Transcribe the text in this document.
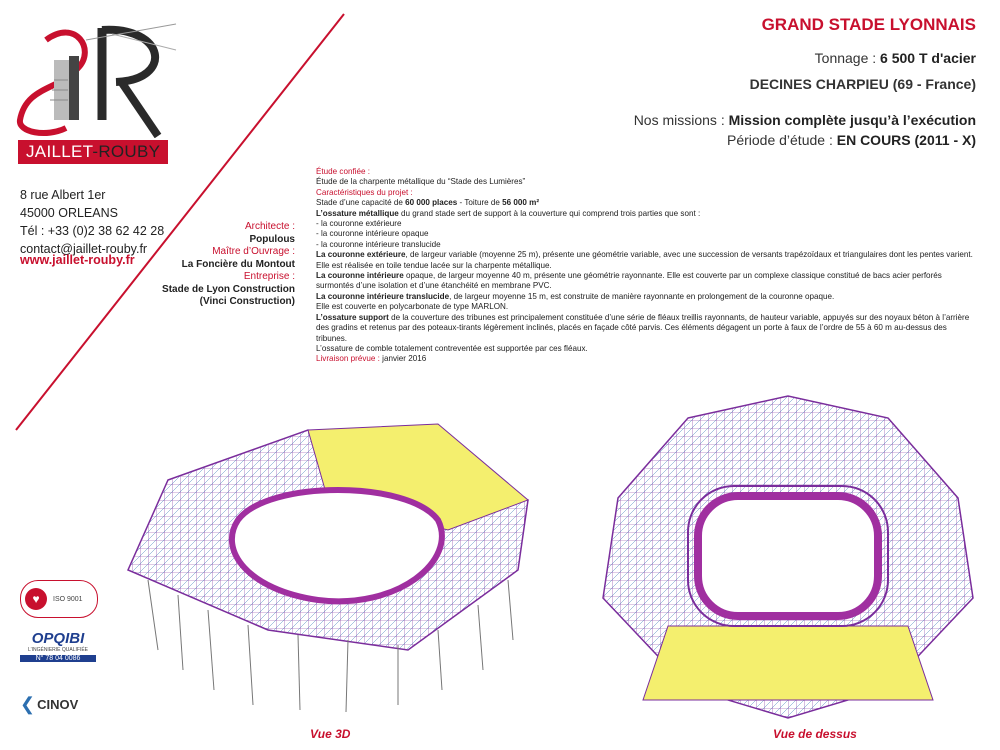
JAILLET-ROUBY
8 rue Albert 1er
45000 ORLEANS
Tél : +33 (0)2 38 62 42 28
contact@jaillet-rouby.fr
www.jaillet-rouby.fr
Architecte :
Populous
Maître d’Ouvrage :
La Foncière du Montout
Entreprise :
Stade de Lyon Construction
(Vinci Construction)
GRAND STADE LYONNAIS
Tonnage : 6 500 T d'acier
DECINES CHARPIEU (69 - France)
Nos missions : Mission complète jusqu’à l’exécution
Période d’étude : EN COURS (2011 - X)

Étude confiée :

Étude de la charpente métallique du “Stade des Lumières”

Caractéristiques du projet :

Stade d’une capacité de 60 000 places - Toiture de 56 000 m²

L’ossature métallique du grand stade sert de support à la couverture qui comprend trois parties que sont :

- la couronne extérieure

- la couronne intérieure opaque

- la couronne intérieure translucide

La couronne extérieure, de largeur variable (moyenne 25 m), présente une géométrie variable, avec une succession de versants trapézoïdaux et triangulaires dont les pentes varient. Elle est réalisée en toile tendue lacée sur la charpente métallique.

La couronne intérieure opaque, de largeur moyenne 40 m, présente une géométrie rayonnante. Elle est couverte par un complexe classique constitué de bacs acier perforés surmontés d’une isolation et d’une étanchéité en membrane PVC.

La couronne intérieure translucide, de largeur moyenne 15 m, est construite de manière rayonnante en prolongement de la couronne opaque.

Elle est couverte en polycarbonate de type MARLON.

L’ossature support de la couverture des tribunes est principalement constituée d’une série de fléaux treillis rayonnants, de hauteur variable, appuyés sur des noyaux béton à l’arrière des gradins et retenus par des poteaux-tirants légèrement inclinés, placés en façade côté parvis. Ces éléments dégagent un porte à faux de l’ordre de 55 à 60 m au-dessus des tribunes.

L’ossature de comble totalement contreventée est supportée par ces fléaux.

Livraison prévue : janvier 2016

Vue 3D	Vue de dessus
♥	ISO 9001
OPQIBI
L’INGÉNIERIE QUALIFIÉE
N° 78 04 0086
❮ CINOV
